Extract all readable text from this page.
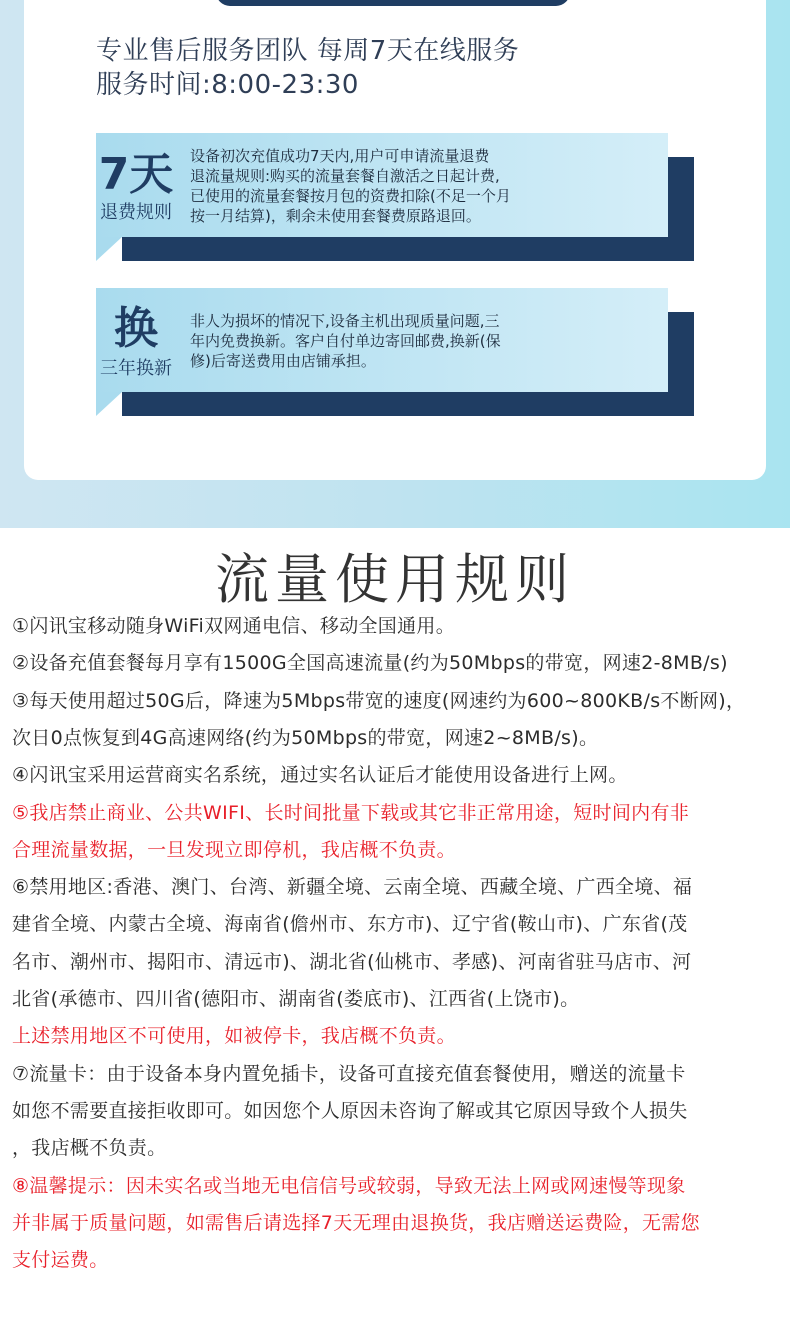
专业售后服务团队 每周7天在线服务
服务时间:8:00-23:30
7天
退费规则
设备初次充值成功7天内,用户可申请流量退费
退流量规则:购买的流量套餐自激活之日起计费,
已使用的流量套餐按月包的资费扣除(不足一个月
按一月结算)，剩余未使用套餐费原路退回。
换
三年换新
非人为损坏的情况下,设备主机出现质量问题,三
年内免费换新。客户自付单边寄回邮费,换新(保
修)后寄送费用由店铺承担。
流量使用规则
①闪讯宝移动随身WiFi双网通电信、移动全国通用。
②设备充值套餐每月享有1500G全国高速流量(约为50Mbps的带宽，网速2-8MB/s)
③每天使用超过50G后，降速为5Mbps带宽的速度(网速约为600~800KB/s不断网)，
次日0点恢复到4G高速网络(约为50Mbps的带宽，网速2~8MB/s)。
④闪讯宝采用运营商实名系统，通过实名认证后才能使用设备进行上网。
⑤我店禁止商业、公共WIFI、长时间批量下载或其它非正常用途，短时间内有非
合理流量数据，一旦发现立即停机，我店概不负责。
⑥禁用地区:香港、澳门、台湾、新疆全境、云南全境、西藏全境、广西全境、福
建省全境、内蒙古全境、海南省(儋州市、东方市)、辽宁省(鞍山市)、广东省(茂
名市、潮州市、揭阳市、清远市)、湖北省(仙桃市、孝感)、河南省驻马店市、河
北省(承德市、四川省(德阳市、湖南省(娄底市)、江西省(上饶市)。
上述禁用地区不可使用，如被停卡，我店概不负责。
⑦流量卡：由于设备本身内置免插卡，设备可直接充值套餐使用，赠送的流量卡
如您不需要直接拒收即可。如因您个人原因未咨询了解或其它原因导致个人损失
，我店概不负责。
⑧温馨提示：因未实名或当地无电信信号或较弱，导致无法上网或网速慢等现象
并非属于质量问题，如需售后请选择7天无理由退换货，我店赠送运费险，无需您
支付运费。
